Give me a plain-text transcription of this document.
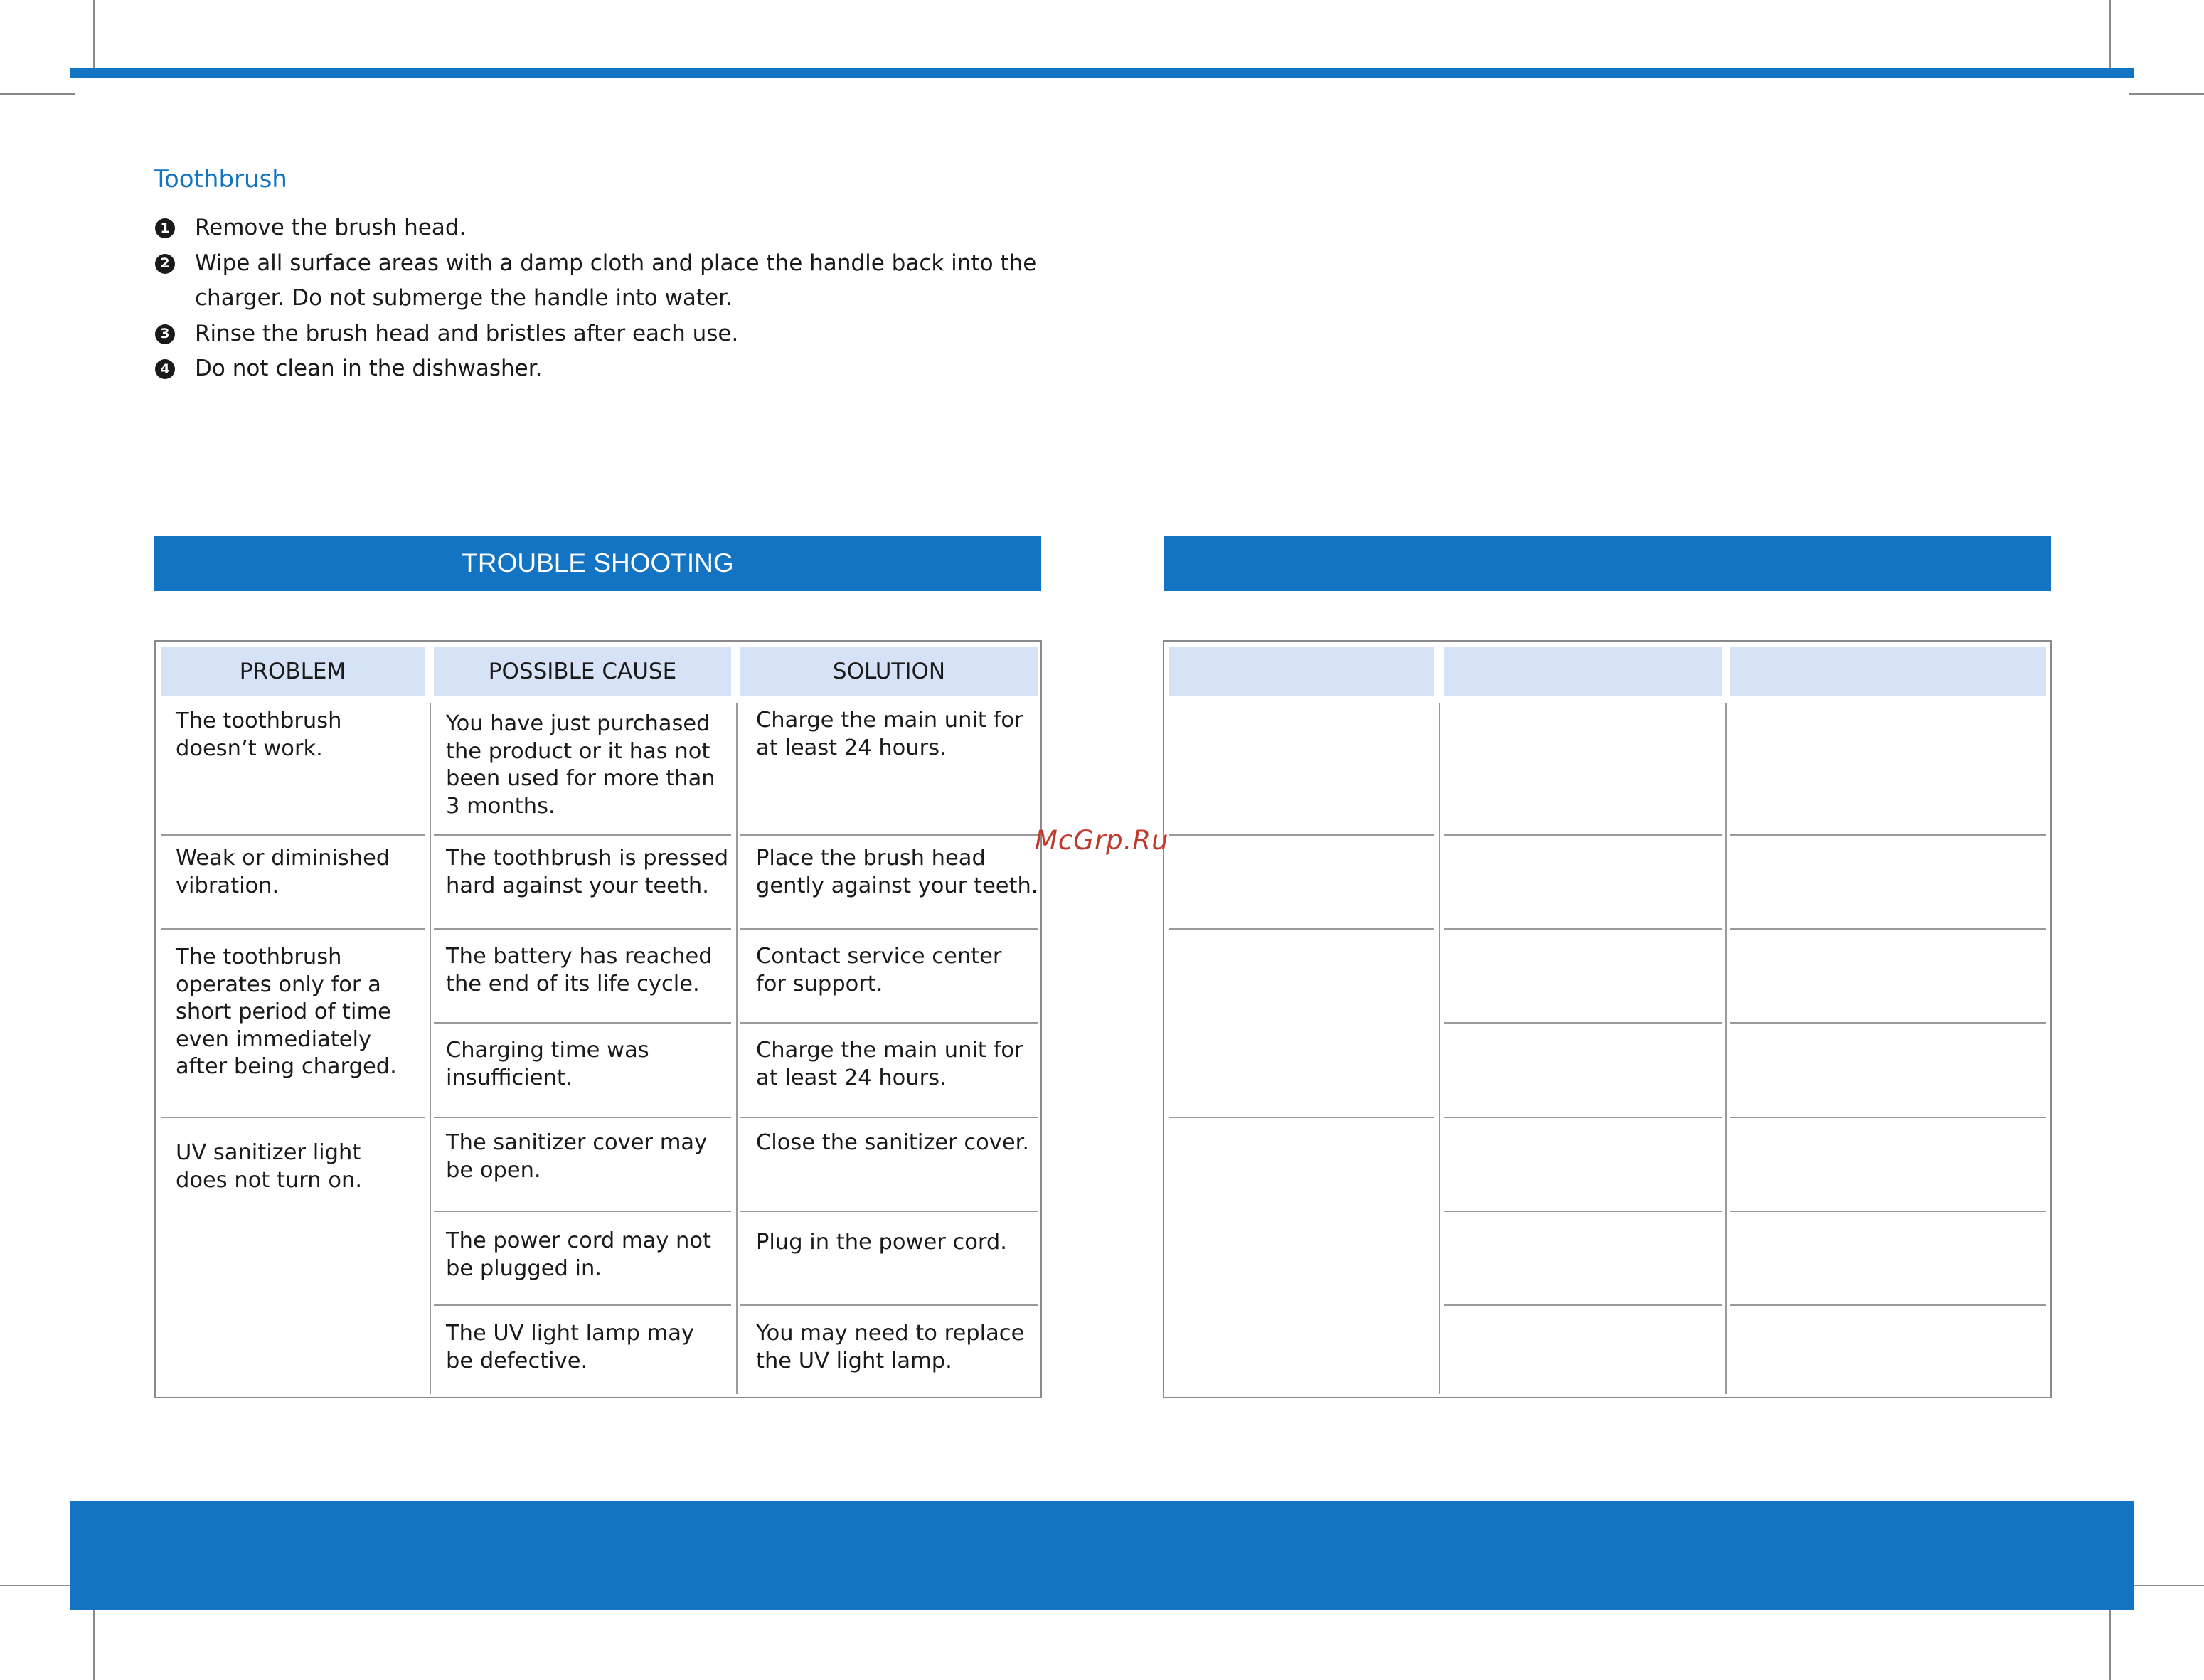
Toothbrush
1 Remove the brush head.
2 Wipe all surface areas with a damp cloth and place the handle back into the charger. Do not submerge the handle into water.
3 Rinse the brush head and bristles after each use.
4 Do not clean in the dishwasher.
TROUBLE SHOOTING
PROBLEM	POSSIBLE CAUSE	SOLUTION
The toothbrush
doesn’t work.
Weak or diminished
vibration.
The toothbrush
operates only for a
short period of time
even immediately
after being charged.
UV sanitizer light
does not turn on.
You have just purchased
the product or it has not
been used for more than
3 months.
The toothbrush is pressed
hard against your teeth.
The battery has reached
the end of its life cycle.
Charging time was
insufficient.
The sanitizer cover may
be open.
The power cord may not
be plugged in.
The UV light lamp may
be defective.
Charge the main unit for
at least 24 hours.
Place the brush head
gently against your teeth.
Contact service center
for support.
Charge the main unit for
at least 24 hours.
Close the sanitizer cover.
Plug in the power cord.
You may need to replace
the UV light lamp.
McGrp.Ru
